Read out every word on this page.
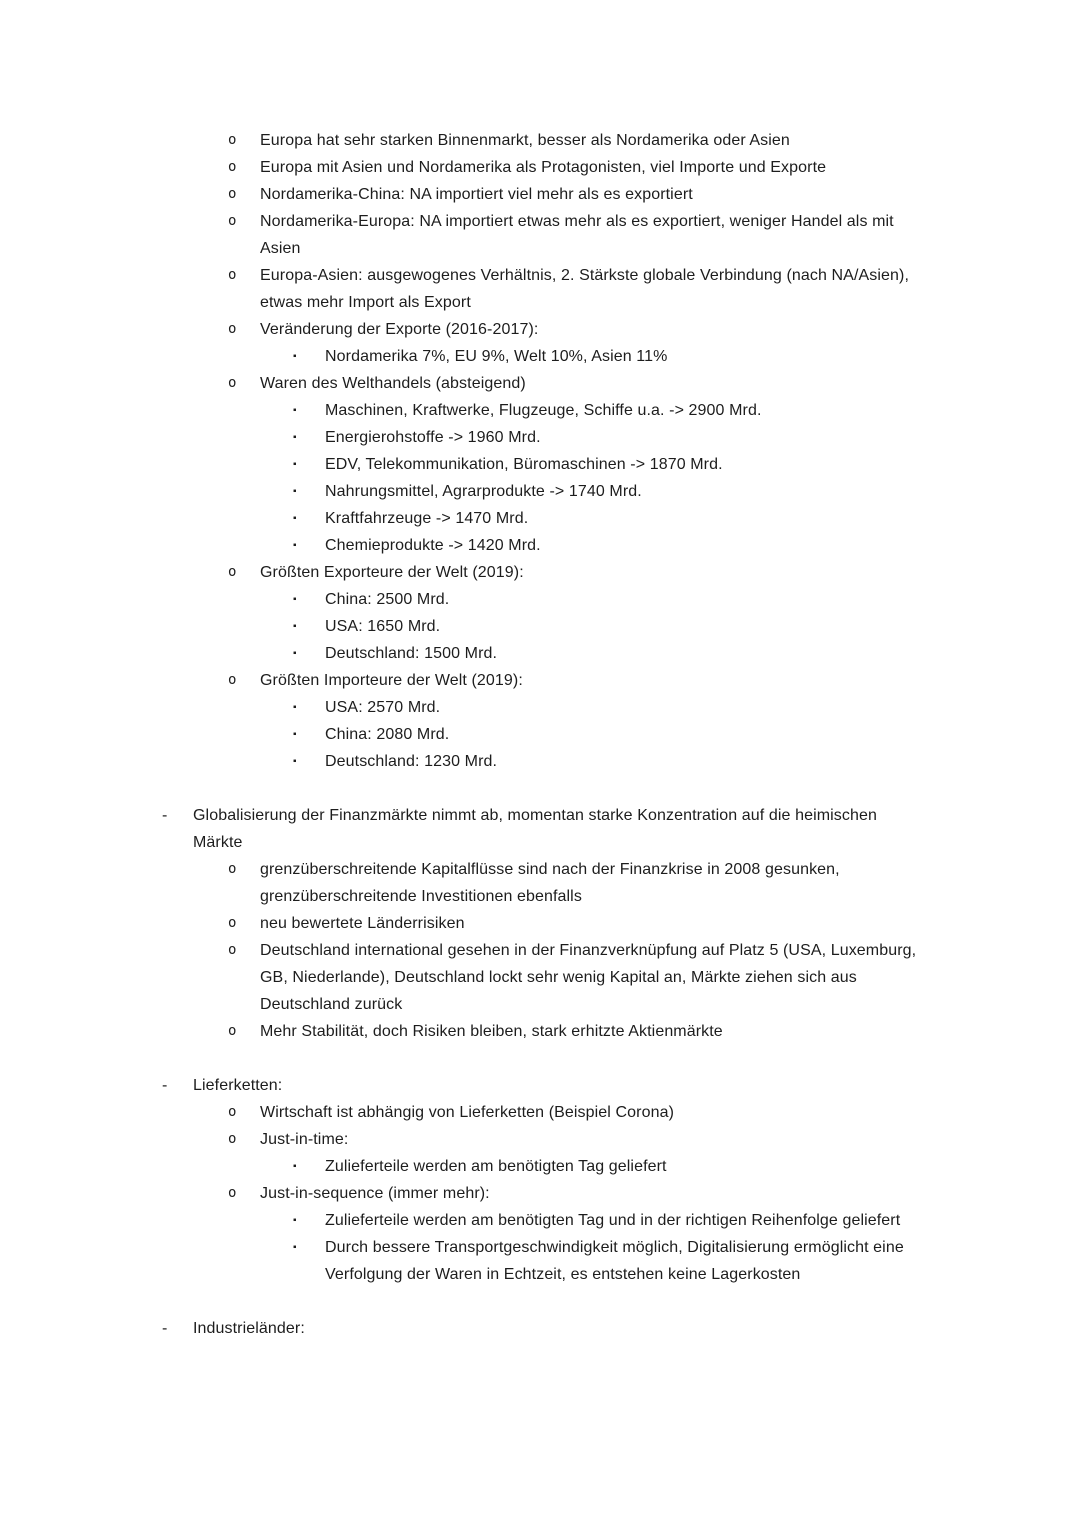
o Europa hat sehr starken Binnenmarkt, besser als Nordamerika oder Asien
o Europa mit Asien und Nordamerika als Protagonisten, viel Importe und Exporte
o Nordamerika-China: NA importiert viel mehr als es exportiert
o Nordamerika-Europa: NA importiert etwas mehr als es exportiert, weniger Handel als mit Asien
o Europa-Asien: ausgewogenes Verhältnis, 2. Stärkste globale Verbindung (nach NA/Asien), etwas mehr Import als Export
o Veränderung der Exporte (2016-2017):
▪ Nordamerika 7%, EU 9%, Welt 10%, Asien 11%
o Waren des Welthandels (absteigend)
▪ Maschinen, Kraftwerke, Flugzeuge, Schiffe u.a. -> 2900 Mrd.
▪ Energierohstoffe -> 1960 Mrd.
▪ EDV, Telekommunikation, Büromaschinen -> 1870 Mrd.
▪ Nahrungsmittel, Agrarprodukte -> 1740 Mrd.
▪ Kraftfahrzeuge -> 1470 Mrd.
▪ Chemieprodukte -> 1420 Mrd.
o Größten Exporteure der Welt (2019):
▪ China: 2500 Mrd.
▪ USA: 1650 Mrd.
▪ Deutschland: 1500 Mrd.
o Größten Importeure der Welt (2019):
▪ USA: 2570 Mrd.
▪ China: 2080 Mrd.
▪ Deutschland: 1230 Mrd.
- Globalisierung der Finanzmärkte nimmt ab, momentan starke Konzentration auf die heimischen Märkte
o grenzüberschreitende Kapitalflüsse sind nach der Finanzkrise in 2008 gesunken, grenzüberschreitende Investitionen ebenfalls
o neu bewertete Länderrisiken
o Deutschland international gesehen in der Finanzverknüpfung auf Platz 5 (USA, Luxemburg, GB, Niederlande), Deutschland lockt sehr wenig Kapital an, Märkte ziehen sich aus Deutschland zurück
o Mehr Stabilität, doch Risiken bleiben, stark erhitzte Aktienmärkte
- Lieferketten:
o Wirtschaft ist abhängig von Lieferketten (Beispiel Corona)
o Just-in-time:
▪ Zulieferteile werden am benötigten Tag geliefert
o Just-in-sequence (immer mehr):
▪ Zulieferteile werden am benötigten Tag und in der richtigen Reihenfolge geliefert
▪ Durch bessere Transportgeschwindigkeit möglich, Digitalisierung ermöglicht eine Verfolgung der Waren in Echtzeit, es entstehen keine Lagerkosten
- Industrieländer:
